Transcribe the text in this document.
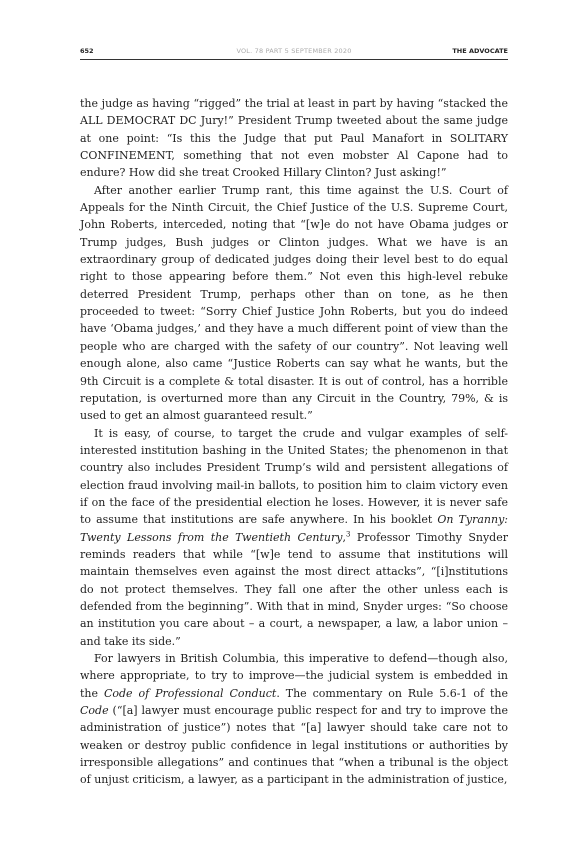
652	VOL. 78 PART 5 SEPTEMBER 2020	THE ADVOCATE

the judge as having “rigged” the trial at least in part by having “stacked the ALL DEMOCRAT DC Jury!” President Trump tweeted about the same judge at one point: “Is this the Judge that put Paul Manafort in SOLITARY CONFINEMENT, something that not even mobster Al Capone had to endure? How did she treat Crooked Hillary Clinton? Just asking!”

After another earlier Trump rant, this time against the U.S. Court of Appeals for the Ninth Circuit, the Chief Justice of the U.S. Supreme Court, John Roberts, interceded, noting that “[w]e do not have Obama judges or Trump judges, Bush judges or Clinton judges. What we have is an extraordinary group of dedicated judges doing their level best to do equal right to those appearing before them.” Not even this high-level rebuke deterred President Trump, perhaps other than on tone, as he then proceeded to tweet: “Sorry Chief Justice John Roberts, but you do indeed have ‘Obama judges,’ and they have a much different point of view than the people who are charged with the safety of our country”. Not leaving well enough alone, also came “Justice Roberts can say what he wants, but the 9th Circuit is a complete & total disaster. It is out of control, has a horrible reputation, is overturned more than any Circuit in the Country, 79%, & is used to get an almost guaranteed result.”

It is easy, of course, to target the crude and vulgar examples of self-interested institution bashing in the United States; the phenomenon in that country also includes President Trump’s wild and persistent allegations of election fraud involving mail-in ballots, to position him to claim victory even if on the face of the presidential election he loses. However, it is never safe to assume that institutions are safe anywhere. In his booklet On Tyranny: Twenty Lessons from the Twentieth Century,$^3$ Professor Timothy Snyder reminds readers that while “[w]e tend to assume that institutions will maintain themselves even against the most direct attacks”, “[i]nstitutions do not protect themselves. They fall one after the other unless each is defended from the beginning”. With that in mind, Snyder urges: “So choose an institution you care about – a court, a newspaper, a law, a labor union – and take its side.”

For lawyers in British Columbia, this imperative to defend—though also, where appropriate, to try to improve—the judicial system is embedded in the Code of Professional Conduct. The commentary on Rule 5.6-1 of the Code (“[a] lawyer must encourage public respect for and try to improve the administration of justice”) notes that “[a] lawyer should take care not to weaken or destroy public confidence in legal institutions or authorities by irresponsible allegations” and continues that “when a tribunal is the object of unjust criticism, a lawyer, as a participant in the administration of justice,
